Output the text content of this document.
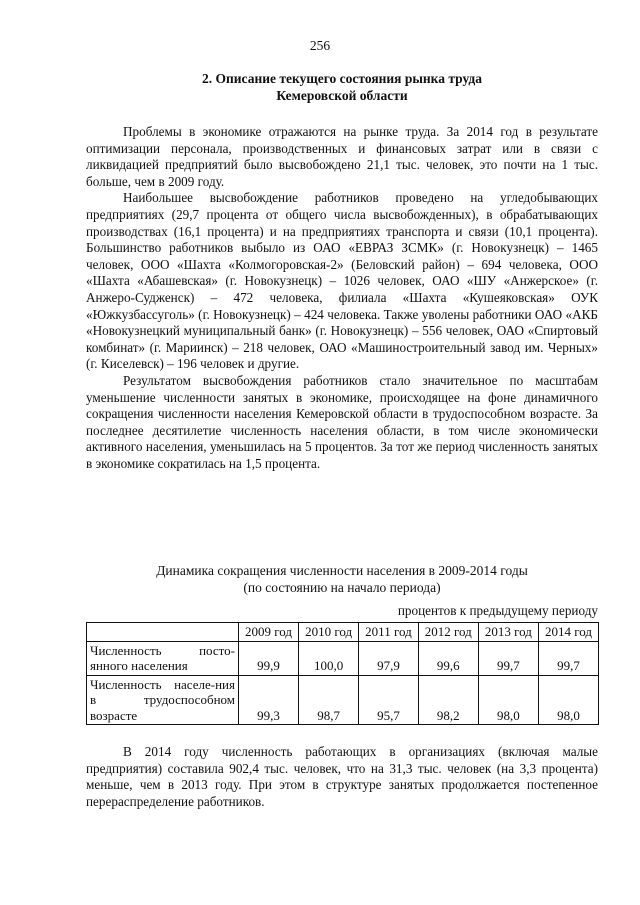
256
2. Описание текущего состояния рынка труда
Кемеровской области

Проблемы в экономике отражаются на рынке труда. За 2014 год в результате оптимизации персонала, производственных и финансовых затрат или в связи с ликвидацией предприятий было высвобождено 21,1 тыс. человек, это почти на 1 тыс. больше, чем в 2009 году.

Наибольшее высвобождение работников проведено на угледобывающих предприятиях (29,7 процента от общего числа высвобожденных), в обрабатывающих производствах (16,1 процента) и на предприятиях транспорта и связи (10,1 процента). Большинство работников выбыло из ОАО «ЕВРАЗ ЗСМК» (г. Новокузнецк) – 1465 человек, ООО «Шахта «Колмогоровская-2» (Беловский район) – 694 человека, ООО «Шахта «Абашевская» (г. Новокузнецк) – 1026 человек, ОАО «ШУ «Анжерское» (г. Анжеро-Судженск) – 472 человека, филиала «Шахта «Кушеяковская» ОУК «Южкузбассуголь» (г. Новокузнецк) – 424 человека. Также уволены работники ОАО «АКБ «Новокузнецкий муниципальный банк» (г. Новокузнецк) – 556 человек, ОАО «Спиртовый комбинат» (г. Мариинск) – 218 человек, ОАО «Машиностроительный завод им. Черных» (г. Киселевск) – 196 человек и другие.

Результатом высвобождения работников стало значительное по масштабам уменьшение численности занятых в экономике, происходящее на фоне динамичного сокращения численности населения Кемеровской области в трудоспособном возрасте. За последнее десятилетие численность населения области, в том числе экономически активного населения, уменьшилась на 5 процентов. За тот же период численность занятых в экономике сократилась на 1,5 процента.

Динамика сокращения численности населения в 2009-2014 годы
(по состоянию на начало периода)
процентов к предыдущему периоду
	2009 год	2010 год	2011 год	2012 год	2013 год	2014 год
Численность посто-янного населения	99,9	100,0	97,9	99,6	99,7	99,7
Численность населе-ния в трудоспособном возрасте	99,3	98,7	95,7	98,2	98,0	98,0

В 2014 году численность работающих в организациях (включая малые предприятия) составила 902,4 тыс. человек, что на 31,3 тыс. человек (на 3,3 процента) меньше, чем в 2013 году. При этом в структуре занятых продолжается постепенное перераспределение работников.
